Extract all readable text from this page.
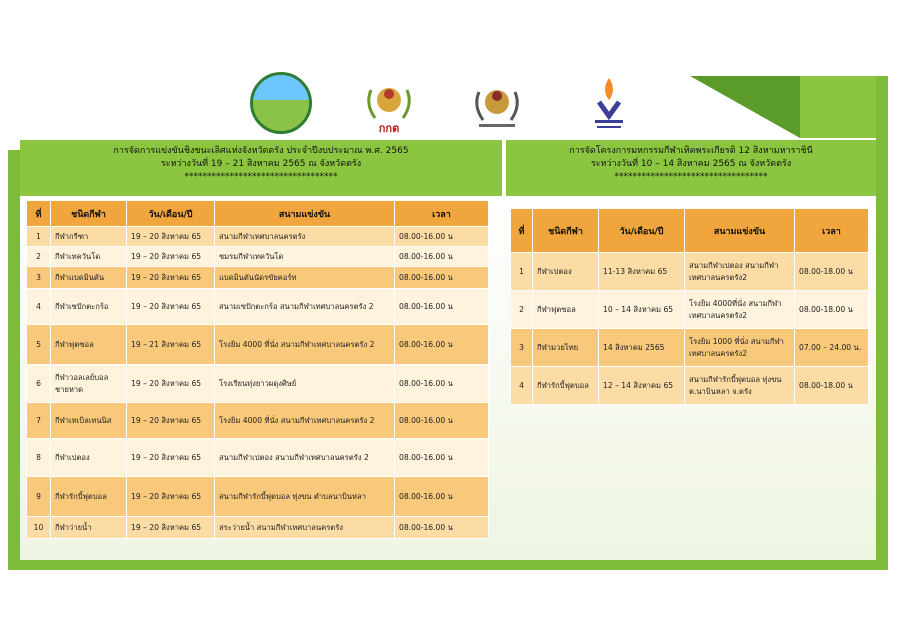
กกต
การจัดการแข่งขันชิงชนะเลิศแห่งจังหวัดตรัง ประจำปีงบประมาณ พ.ศ. 2565
ระหว่างวันที่ 19 – 21 สิงหาคม 2565 ณ จังหวัดตรัง
**********************************
การจัดโครงการมหกรรมกีฬาเทิดพระเกียรติ 12 สิงหามหาราชินี
ระหว่างวันที่ 10 – 14 สิงหาคม 2565 ณ จังหวัดตรัง
**********************************
ที่	ชนิดกีฬา	วัน/เดือน/ปี	สนามแข่งขัน	เวลา
1	กีฬากรีฑา	19 – 20 สิงหาคม 65	สนามกีฬาเทศบาลนครตรัง	08.00-16.00 น
2	กีฬาเทควันโด	19 – 20 สิงหาคม 65	ชมรมกีฬาเทควันโด	08.00-16.00 น
3	กีฬาแบดมินตัน	19 – 20 สิงหาคม 65	แบดมินตันนัดรขัยคอร์ท	08.00-16.00 น
4	กีฬาเซปักตะกร้อ	19 – 20 สิงหาคม 65	สนามเซปักตะกร้อ สนามกีฬาเทศบาลนครตรัง 2	08.00-16.00 น
5	กีฬาฟุตซอล	19 – 21 สิงหาคม 65	โรงยิม 4000 ที่นั่ง สนามกีฬาเทศบาลนครตรัง 2	08.00-16.00 น
6	กีฬาวอลเลย์บอลชายหาด	19 – 20 สิงหาคม 65	โรงเรียนทุ่งยาวผดุงศิษย์	08.00-16.00 น
7	กีฬาเทเบิลเทนนิส	19 – 20 สิงหาคม 65	โรงยิม 4000 ที่นั่ง สนามกีฬาเทศบาลนครตรัง 2	08.00-16.00 น
8	กีฬาเปตอง	19 – 20 สิงหาคม 65	สนามกีฬาเปตอง สนามกีฬาเทศบาลนครตรัง 2	08.00-16.00 น
9	กีฬารักบี้ฟุตบอล	19 – 20 สิงหาคม 65	สนามกีฬารักบี้ฟุตบอล ทุ่งขน ตำบลนาบินหลา	08.00-16.00 น
10	กีฬาว่ายน้ำ	19 – 20 สิงหาคม 65	สระว่ายน้ำ สนามกีฬาเทศบาลนครตรัง	08.00-16.00 น
ที่	ชนิดกีฬา	วัน/เดือน/ปี	สนามแข่งขัน	เวลา
1	กีฬาเปตอง	11-13 สิงหาคม 65	สนามกีฬาเปตอง สนามกีฬาเทศบาลนครตรัง2	08.00-18.00 น
2	กีฬาฟุตซอล	10 – 14 สิงหาคม 65	โรงยิม 4000ที่นั่ง สนามกีฬาเทศบาลนครตรัง2	08.00-18.00 น
3	กีฬามวยไทย	14 สิงหาคม 2565	โรงยิม 1000 ที่นั่ง สนามกีฬาเทศบาลนครตรัง2	07.00 – 24.00 น.
4	กีฬารักบี้ฟุตบอล	12 – 14 สิงหาคม 65	สนามกีฬารักบี้ฟุตบอล ทุ่งขน ต.นาบินหลา จ.ตรัง	08.00-18.00 น
